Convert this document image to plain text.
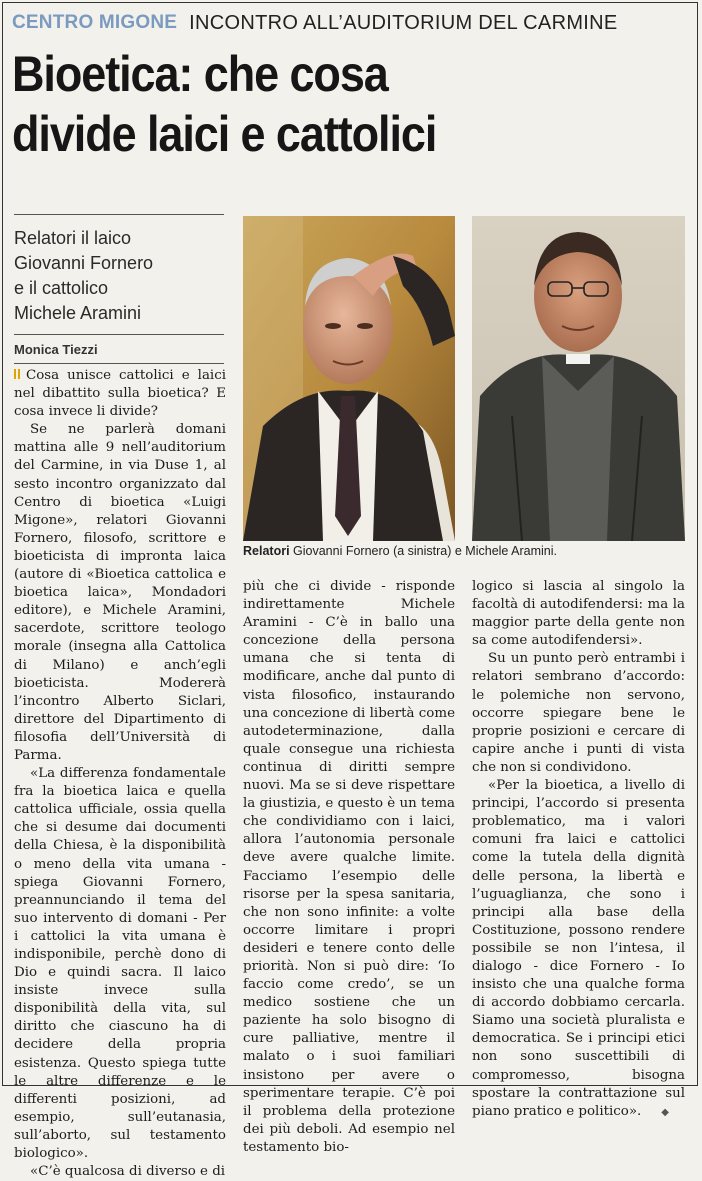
CENTRO MIGONE INCONTRO ALL’AUDITORIUM DEL CARMINE
Bioetica: che cosa
divide laici e cattolici
Relatori il laico
Giovanni Fornero
e il cattolico
Michele Aramini
Monica Tiezzi
Relatori Giovanni Fornero (a sinistra) e Michele Aramini.

Cosa unisce cattolici e laici nel dibattito sulla bioetica? E cosa invece li divide?

Se ne parlerà domani mattina alle 9 nell’auditorium del Carmine, in via Duse 1, al sesto incontro organizzato dal Centro di bioetica «Luigi Migone», relatori Giovanni Fornero, filosofo, scrittore e bioeticista di impronta laica (autore di «Bioetica cattolica e bioetica laica», Mondadori editore), e Michele Aramini, sacerdote, scrittore teologo morale (insegna alla Cattolica di Milano) e anch’egli bioeticista. Modererà l’incontro Alberto Siclari, direttore del Dipartimento di filosofia dell’Università di Parma.

«La differenza fondamentale fra la bioetica laica e quella cattolica ufficiale, ossia quella che si desume dai documenti della Chiesa, è la disponibilità o meno della vita umana - spiega Giovanni Fornero, preannunciando il tema del suo intervento di domani - Per i cattolici la vita umana è indisponibile, perchè dono di Dio e quindi sacra. Il laico insiste invece sulla disponibilità della vita, sul diritto che ciascuno ha di decidere della propria esistenza. Questo spiega tutte le altre differenze e le differenti posizioni, ad esempio, sull’eutanasia, sull’aborto, sul testamento biologico».

«C’è qualcosa di diverso e di

più che ci divide - risponde indirettamente Michele Aramini - C’è in ballo una concezione della persona umana che si tenta di modificare, anche dal punto di vista filosofico, instaurando una concezione di libertà come autodeterminazione, dalla quale consegue una richiesta continua di diritti sempre nuovi. Ma se si deve rispettare la giustizia, e questo è un tema che condividiamo con i laici, allora l’autonomia personale deve avere qualche limite. Facciamo l’esempio delle risorse per la spesa sanitaria, che non sono infinite: a volte occorre limitare i propri desideri e tenere conto delle priorità. Non si può dire: ‘Io faccio come credo’, se un medico sostiene che un paziente ha solo bisogno di cure palliative, mentre il malato o i suoi familiari insistono per avere o sperimentare terapie. C’è poi il problema della protezione dei più deboli. Ad esempio nel testamento bio-

logico si lascia al singolo la facoltà di autodifendersi: ma la maggior parte della gente non sa come autodifendersi».

Su un punto però entrambi i relatori sembrano d’accordo: le polemiche non servono, occorre spiegare bene le proprie posizioni e cercare di capire anche i punti di vista che non si condividono.

«Per la bioetica, a livello di principi, l’accordo si presenta problematico, ma i valori comuni fra laici e cattolici come la tutela della dignità delle persona, la libertà e l’uguaglianza, che sono i principi alla base della Costituzione, possono rendere possibile se non l’intesa, il dialogo - dice Fornero - Io insisto che una qualche forma di accordo dobbiamo cercarla. Siamo una società pluralista e democratica. Se i principi etici non sono suscettibili di compromesso, bisogna spostare la contrattazione sul piano pratico e politico». ◆
